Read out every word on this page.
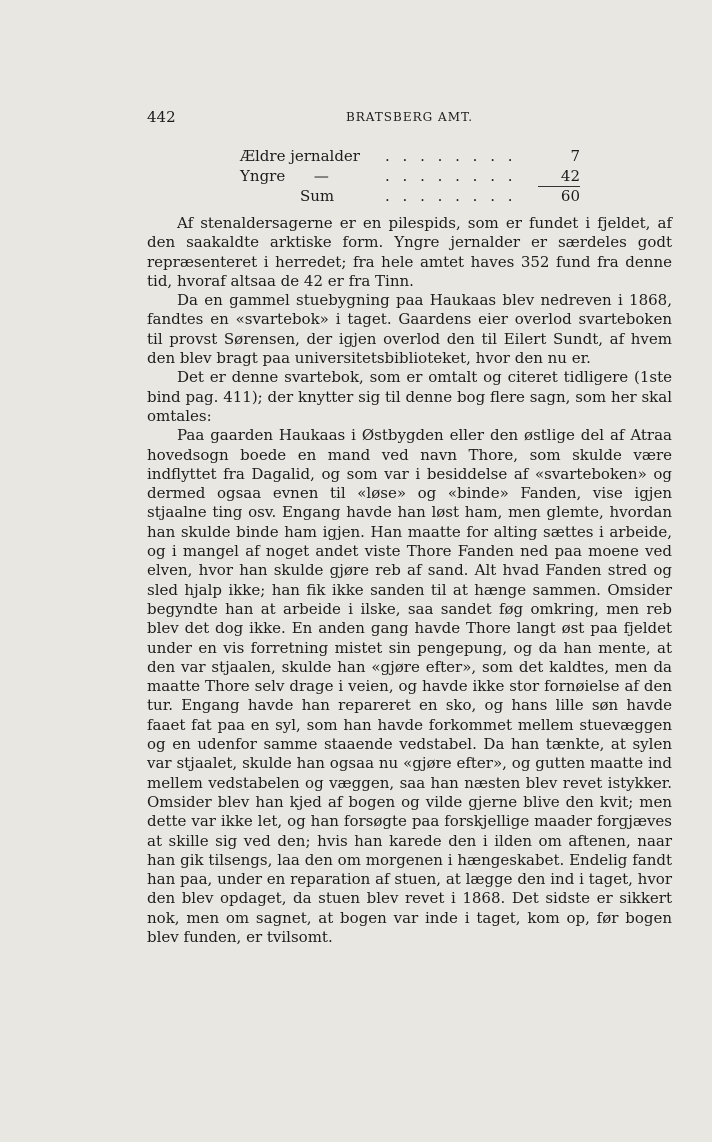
442	BRATSBERG AMT.
Ældre jernalder . . . . . . . .	7
Yngre      —	. . . . . . . .	42
Sum	. . . . . . . .	60

Af stenaldersagerne er en pilespids, som er fundet i fjeldet, af den saakaldte arktiske form. Yngre jernalder er særdeles godt repræsenteret i herredet; fra hele amtet haves 352 fund fra denne tid, hvoraf altsaa de 42 er fra Tinn.

Da en gammel stuebygning paa Haukaas blev nedreven i 1868, fandtes en «svartebok» i taget. Gaardens eier overlod svarteboken til provst Sørensen, der igjen overlod den til Eilert Sundt, af hvem den blev bragt paa universitetsbiblioteket, hvor den nu er.

Det er denne svartebok, som er omtalt og citeret tidligere (1ste bind pag. 411); der knytter sig til denne bog flere sagn, som her skal omtales:

Paa gaarden Haukaas i Østbygden eller den østlige del af Atraa hovedsogn boede en mand ved navn Thore, som skulde være indflyttet fra Dagalid, og som var i besiddelse af «svarteboken» og dermed ogsaa evnen til «løse» og «binde» Fanden, vise igjen stjaalne ting osv. Engang havde han løst ham, men glemte, hvordan han skulde binde ham igjen. Han maatte for alting sættes i arbeide, og i mangel af noget andet viste Thore Fanden ned paa moene ved elven, hvor han skulde gjøre reb af sand. Alt hvad Fanden stred og sled hjalp ikke; han fik ikke sanden til at hænge sammen. Omsider begyndte han at arbeide i ilske, saa sandet føg omkring, men reb blev det dog ikke. En anden gang havde Thore langt øst paa fjeldet under en vis forretning mistet sin pengepung, og da han mente, at den var stjaalen, skulde han «gjøre efter», som det kaldtes, men da maatte Thore selv drage i veien, og havde ikke stor fornøielse af den tur. Engang havde han repareret en sko, og hans lille søn havde faaet fat paa en syl, som han havde forkommet mellem stuevæggen og en udenfor samme staaende vedstabel. Da han tænkte, at sylen var stjaalet, skulde han ogsaa nu «gjøre efter», og gutten maatte ind mellem vedstabelen og væggen, saa han næsten blev revet istykker. Omsider blev han kjed af bogen og vilde gjerne blive den kvit; men dette var ikke let, og han forsøgte paa forskjellige maader forgjæves at skille sig ved den; hvis han karede den i ilden om aftenen, naar han gik tilsengs, laa den om morgenen i hængeskabet. Endelig fandt han paa, under en reparation af stuen, at lægge den ind i taget, hvor den blev opdaget, da stuen blev revet i 1868. Det sidste er sikkert nok, men om sagnet, at bogen var inde i taget, kom op, før bogen blev funden, er tvilsomt.
